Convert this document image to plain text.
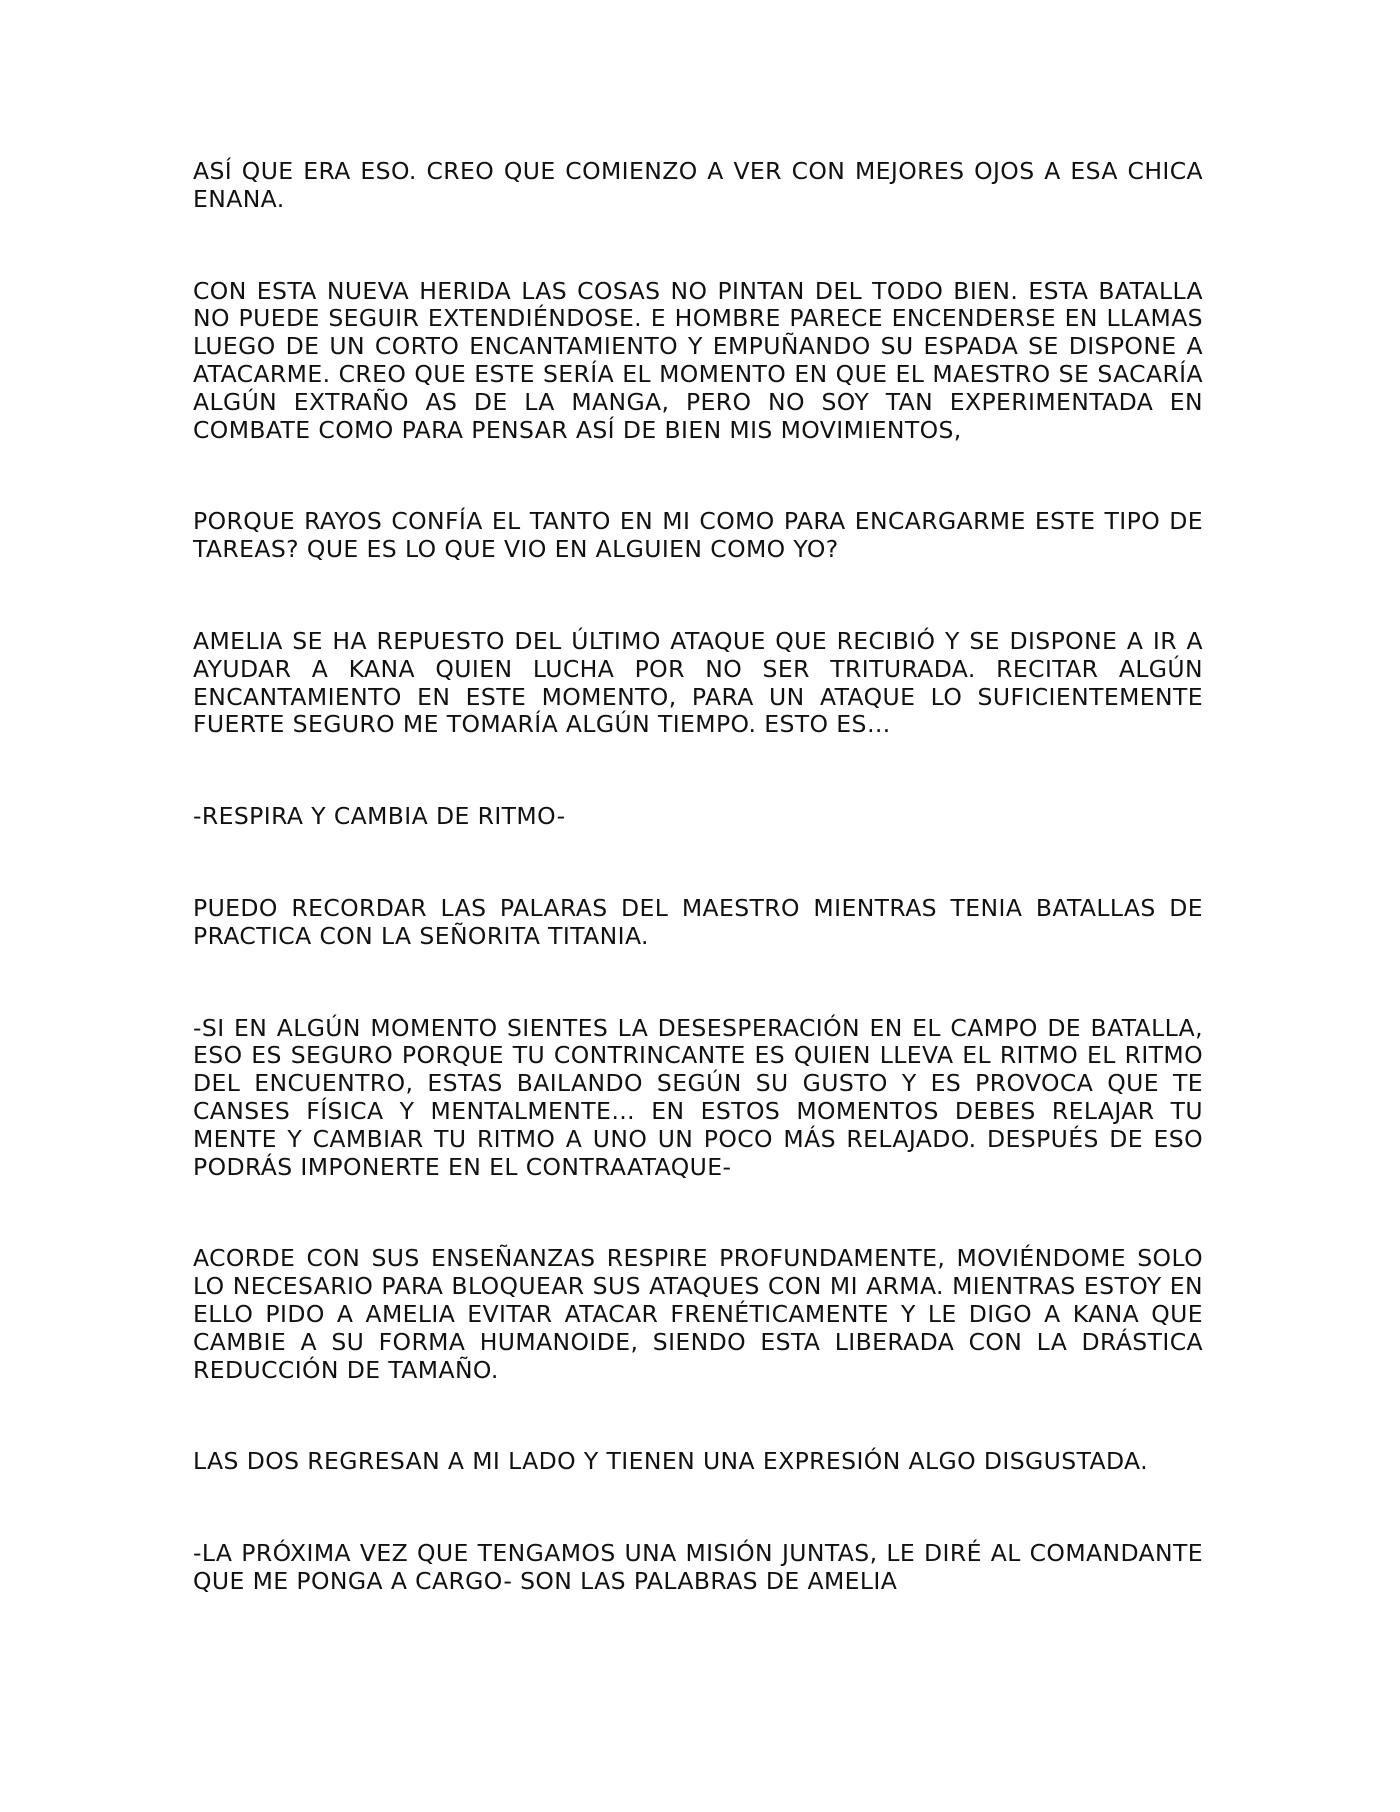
ASÍ QUE ERA ESO. CREO QUE COMIENZO A VER CON MEJORES OJOS A ESA CHICA ENANA.

CON ESTA NUEVA HERIDA LAS COSAS NO PINTAN DEL TODO BIEN. ESTA BATALLA NO PUEDE SEGUIR EXTENDIÉNDOSE. E HOMBRE PARECE ENCENDERSE EN LLAMAS LUEGO DE UN CORTO ENCANTAMIENTO Y EMPUÑANDO SU ESPADA SE DISPONE A ATACARME. CREO QUE ESTE SERÍA EL MOMENTO EN QUE EL MAESTRO SE SACARÍA ALGÚN EXTRAÑO AS DE LA MANGA, PERO NO SOY TAN EXPERIMENTADA EN COMBATE COMO PARA PENSAR ASÍ DE BIEN MIS MOVIMIENTOS,

PORQUE RAYOS CONFÍA EL TANTO EN MI COMO PARA ENCARGARME ESTE TIPO DE TAREAS? QUE ES LO QUE VIO EN ALGUIEN COMO YO?

AMELIA SE HA REPUESTO DEL ÚLTIMO ATAQUE QUE RECIBIÓ Y SE DISPONE A IR A AYUDAR A KANA QUIEN LUCHA POR NO SER TRITURADA. RECITAR ALGÚN ENCANTAMIENTO EN ESTE MOMENTO, PARA UN ATAQUE LO SUFICIENTEMENTE FUERTE SEGURO ME TOMARÍA ALGÚN TIEMPO. ESTO ES…

-RESPIRA Y CAMBIA DE RITMO-

PUEDO RECORDAR LAS PALARAS DEL MAESTRO MIENTRAS TENIA BATALLAS DE PRACTICA CON LA SEÑORITA TITANIA.

-SI EN ALGÚN MOMENTO SIENTES LA DESESPERACIÓN EN EL CAMPO DE BATALLA, ESO ES SEGURO PORQUE TU CONTRINCANTE ES QUIEN LLEVA EL RITMO EL RITMO DEL ENCUENTRO, ESTAS BAILANDO SEGÚN SU GUSTO Y ES PROVOCA QUE TE CANSES FÍSICA Y MENTALMENTE… EN ESTOS MOMENTOS DEBES RELAJAR TU MENTE Y CAMBIAR TU RITMO A UNO UN POCO MÁS RELAJADO. DESPUÉS DE ESO PODRÁS IMPONERTE EN EL CONTRAATAQUE-

ACORDE CON SUS ENSEÑANZAS RESPIRE PROFUNDAMENTE, MOVIÉNDOME SOLO LO NECESARIO PARA BLOQUEAR SUS ATAQUES CON MI ARMA. MIENTRAS ESTOY EN ELLO PIDO A AMELIA EVITAR ATACAR FRENÉTICAMENTE Y LE DIGO A KANA QUE CAMBIE A SU FORMA HUMANOIDE, SIENDO ESTA LIBERADA CON LA DRÁSTICA REDUCCIÓN DE TAMAÑO.

LAS DOS REGRESAN A MI LADO Y TIENEN UNA EXPRESIÓN ALGO DISGUSTADA.

-LA PRÓXIMA VEZ QUE TENGAMOS UNA MISIÓN JUNTAS, LE DIRÉ AL COMANDANTE QUE ME PONGA A CARGO- SON LAS PALABRAS DE AMELIA
